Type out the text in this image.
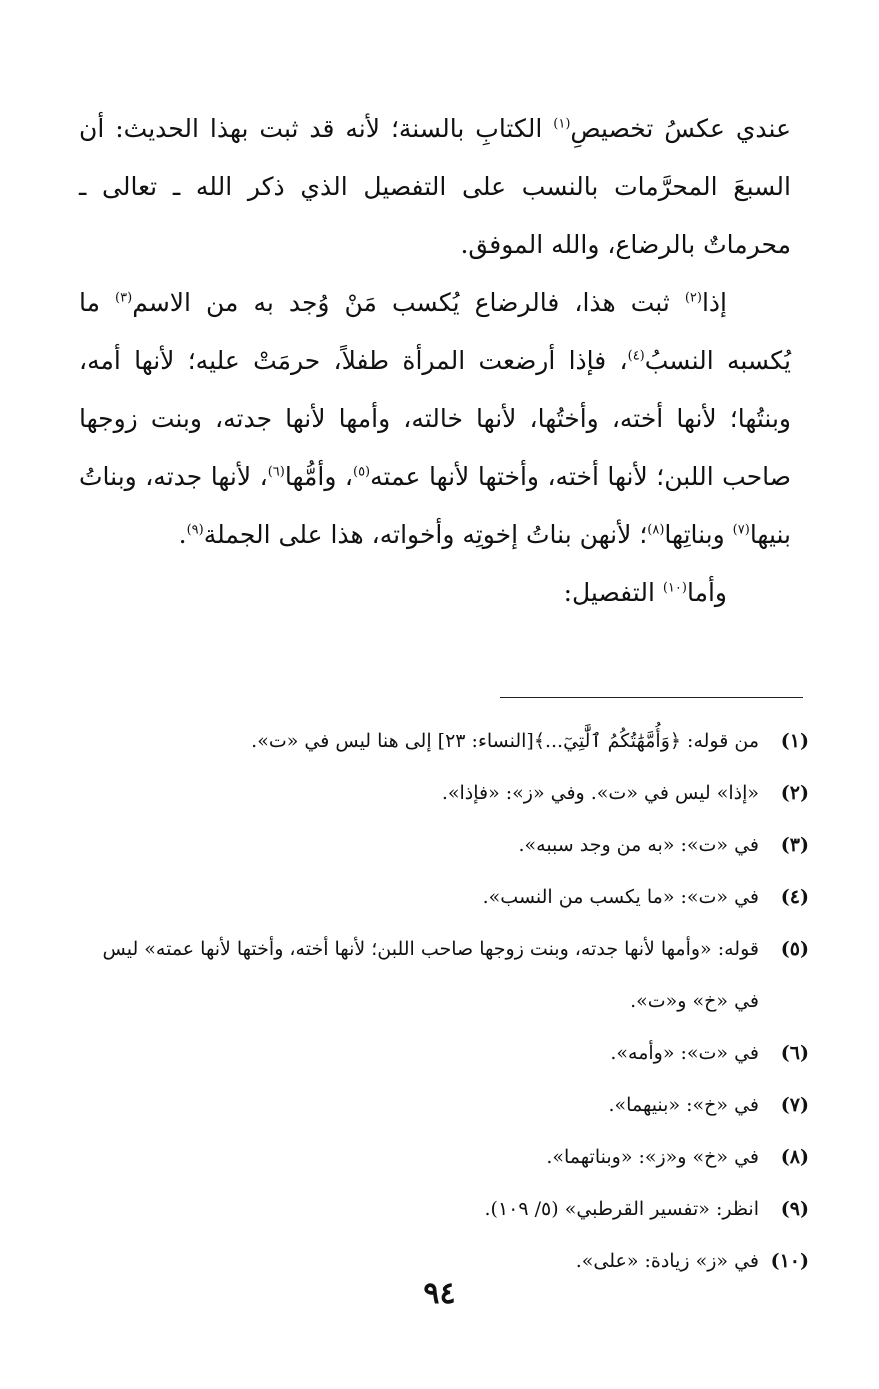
عندي عكسُ تخصيصِ$^{(١)}$ الكتابِ بالسنة؛ لأنه قد ثبت بهذا الحديث: أن السبعَ المحرَّمات بالنسب على التفصيل الذي ذكر الله ـ تعالى ـ محرماتٌ بالرضاع، والله الموفق.

إذا$^{(٢)}$ ثبت هذا، فالرضاع يُكسب مَنْ وُجد به من الاسم$^{(٣)}$ ما يُكسبه النسبُ$^{(٤)}$، فإذا أرضعت المرأة طفلاً، حرمَتْ عليه؛ لأنها أمه، وبنتُها؛ لأنها أخته، وأختُها، لأنها خالته، وأمها لأنها جدته، وبنت زوجها صاحب اللبن؛ لأنها أخته، وأختها لأنها عمته$^{(٥)}$، وأمُّها$^{(٦)}$، لأنها جدته، وبناتُ بنيها$^{(٧)}$ وبناتِها$^{(٨)}$؛ لأنهن بناتُ إخوتِه وأخواته، هذا على الجملة$^{(٩)}$.

وأما$^{(١٠)}$ التفصيل:

(١)
من قوله: ﴿وَأُمَّهَٰتُكُمُ ٱلَّٰتِيٓ...﴾[النساء: ٢٣] إلى هنا ليس في «ت».
(٢)
«إذا» ليس في «ت». وفي «ز»: «فإذا».
(٣)
في «ت»: «به من وجد سببه».
(٤)
في «ت»: «ما يكسب من النسب».
(٥)
قوله: «وأمها لأنها جدته، وبنت زوجها صاحب اللبن؛ لأنها أخته، وأختها لأنها عمته» ليس في «خ» و«ت».
(٦)
في «ت»: «وأمه».
(٧)
في «خ»: «بنيهما».
(٨)
في «خ» و«ز»: «وبناتهما».
(٩)
انظر: «تفسير القرطبي» (٥/ ١٠٩).
(١٠)
في «ز» زيادة: «على».
٩٤
